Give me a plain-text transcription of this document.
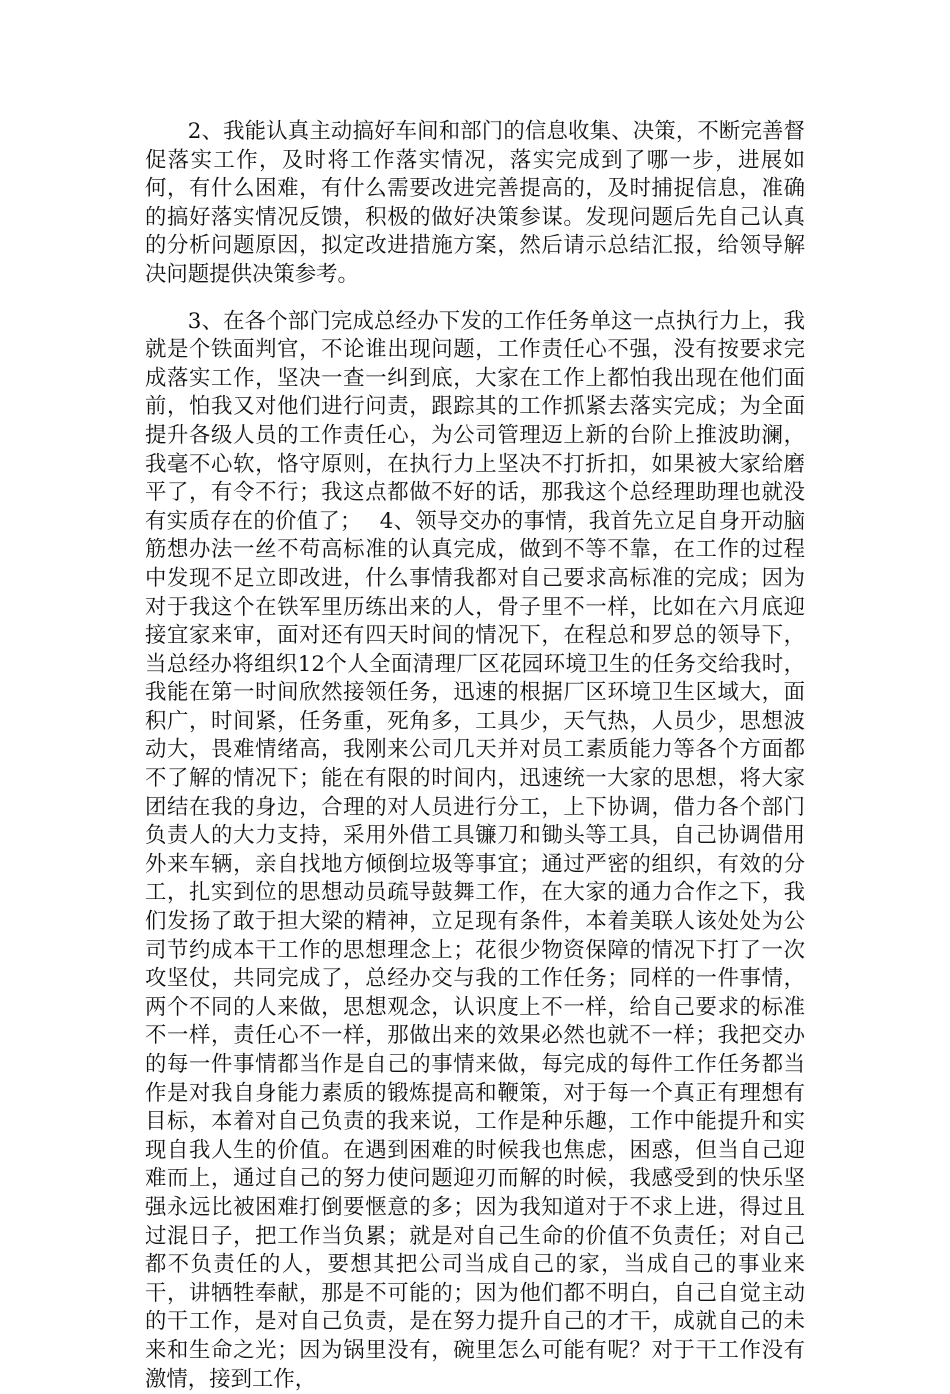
2、我能认真主动搞好车间和部门的信息收集、决策，不断完善督促落实工作，及时将工作落实情况，落实完成到了哪一步，进展如何，有什么困难，有什么需要改进完善提高的，及时捕捉信息，准确的搞好落实情况反馈，积极的做好决策参谋。发现问题后先自己认真的分析问题原因，拟定改进措施方案，然后请示总结汇报，给领导解决问题提供决策参考。

3、在各个部门完成总经办下发的工作任务单这一点执行力上，我就是个铁面判官，不论谁出现问题，工作责任心不强，没有按要求完成落实工作，坚决一查一纠到底，大家在工作上都怕我出现在他们面前，怕我又对他们进行问责，跟踪其的工作抓紧去落实完成；为全面提升各级人员的工作责任心，为公司管理迈上新的台阶上推波助澜，我毫不心软，恪守原则，在执行力上坚决不打折扣，如果被大家给磨平了，有令不行；我这点都做不好的话，那我这个总经理助理也就没有实质存在的价值了；　 4、领导交办的事情，我首先立足自身开动脑筋想办法一丝不苟高标准的认真完成，做到不等不靠，在工作的过程中发现不足立即改进，什么事情我都对自己要求高标准的完成；因为对于我这个在铁军里历练出来的人，骨子里不一样，比如在六月底迎接宜家来审，面对还有四天时间的情况下，在程总和罗总的领导下，当总经办将组织12个人全面清理厂区花园环境卫生的任务交给我时，我能在第一时间欣然接领任务，迅速的根据厂区环境卫生区域大，面积广，时间紧，任务重，死角多，工具少，天气热，人员少，思想波动大，畏难情绪高，我刚来公司几天并对员工素质能力等各个方面都不了解的情况下；能在有限的时间内，迅速统一大家的思想，将大家团结在我的身边，合理的对人员进行分工，上下协调，借力各个部门负责人的大力支持，采用外借工具镰刀和锄头等工具，自己协调借用外来车辆，亲自找地方倾倒垃圾等事宜；通过严密的组织，有效的分工，扎实到位的思想动员疏导鼓舞工作，在大家的通力合作之下，我们发扬了敢于担大梁的精神，立足现有条件，本着美联人该处处为公司节约成本干工作的思想理念上；花很少物资保障的情况下打了一次攻坚仗，共同完成了，总经办交与我的工作任务；同样的一件事情，两个不同的人来做，思想观念，认识度上不一样，给自己要求的标准不一样，责任心不一样，那做出来的效果必然也就不一样；我把交办的每一件事情都当作是自己的事情来做，每完成的每件工作任务都当作是对我自身能力素质的锻炼提高和鞭策，对于每一个真正有理想有目标，本着对自己负责的我来说，工作是种乐趣，工作中能提升和实现自我人生的价值。在遇到困难的时候我也焦虑，困惑，但当自己迎难而上，通过自己的努力使问题迎刃而解的时候，我感受到的快乐坚强永远比被困难打倒要惬意的多；因为我知道对于不求上进，得过且过混日子，把工作当负累；就是对自己生命的价值不负责任；对自己都不负责任的人，要想其把公司当成自己的家，当成自己的事业来干，讲牺牲奉献，那是不可能的；因为他们都不明白，自己自觉主动的干工作，是对自己负责，是在努力提升自己的才干，成就自己的未来和生命之光；因为锅里没有，碗里怎么可能有呢？对于干工作没有激情，接到工作，
